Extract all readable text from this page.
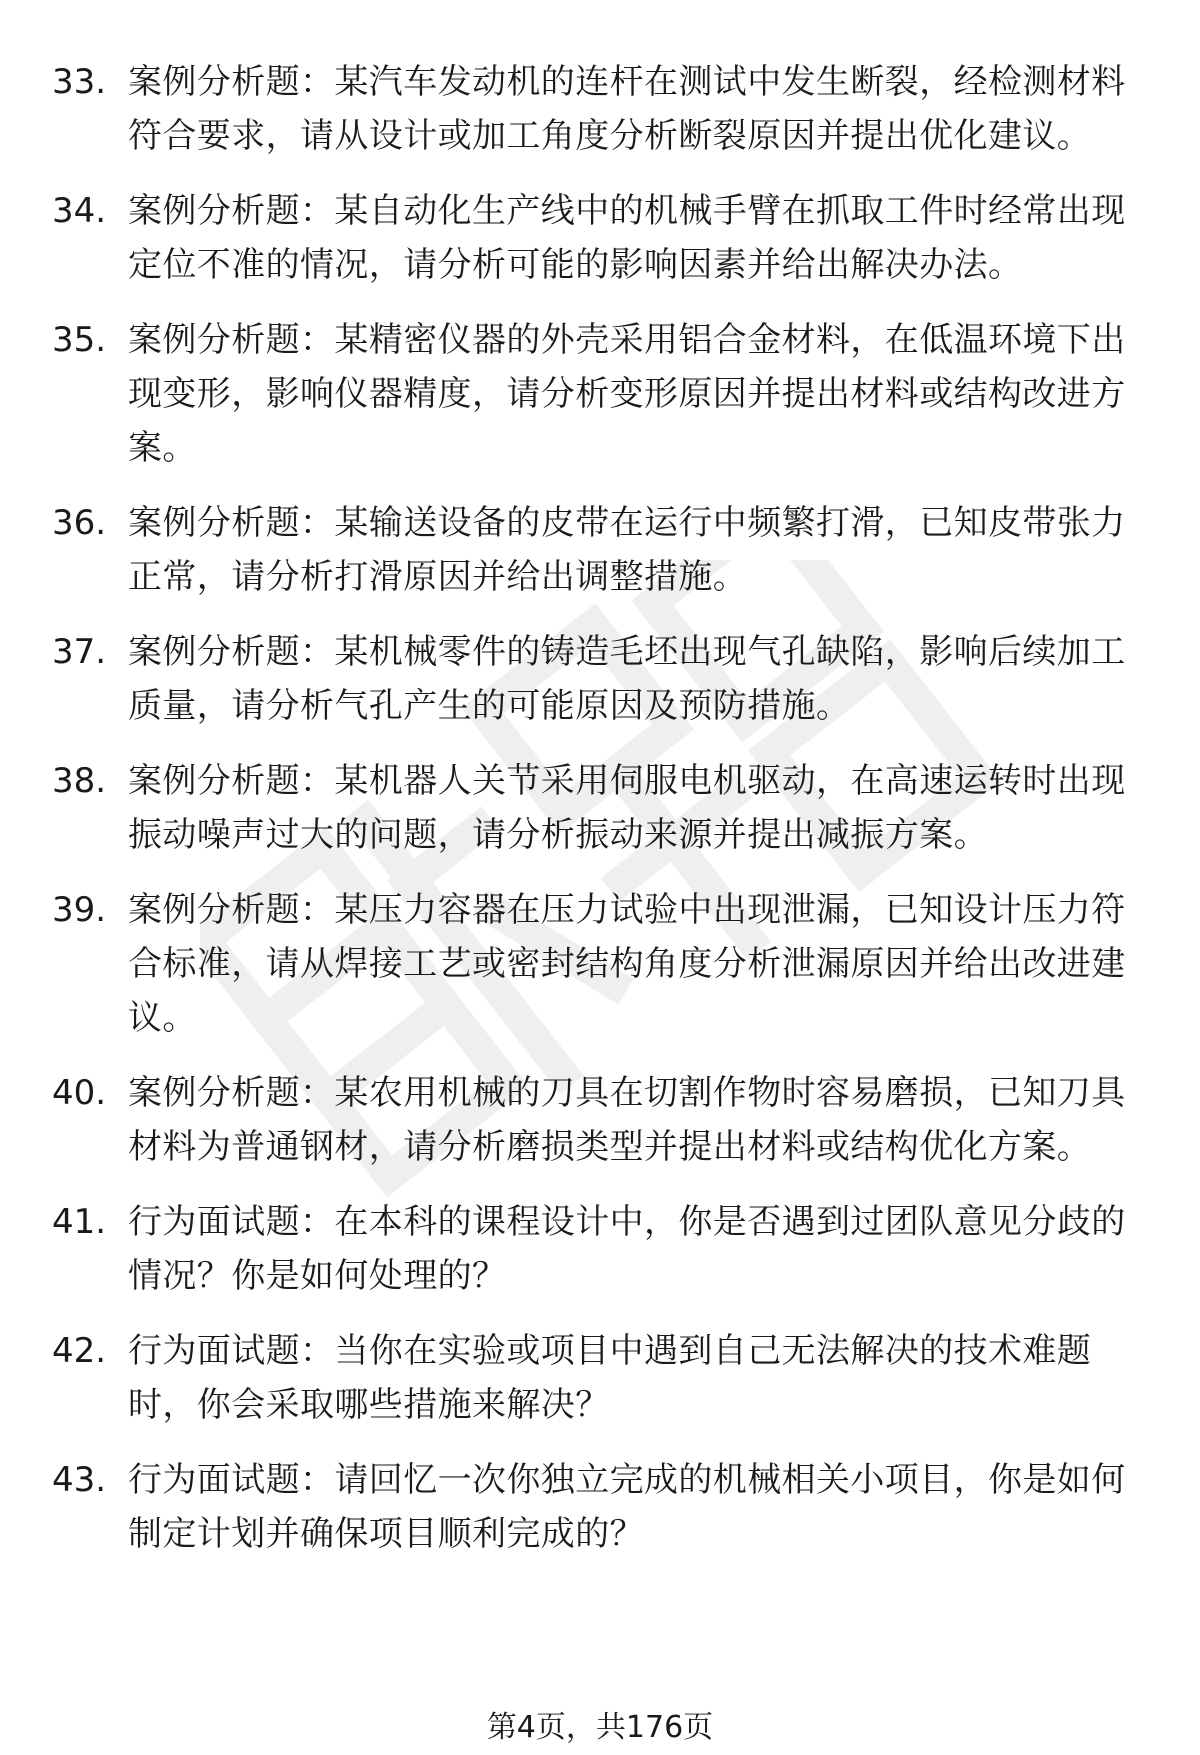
33. 案例分析题：某汽车发动机的连杆在测试中发生断裂，经检测材料符合要求，请从设计或加工角度分析断裂原因并提出优化建议。
34. 案例分析题：某自动化生产线中的机械手臂在抓取工件时经常出现定位不准的情况，请分析可能的影响因素并给出解决办法。
35. 案例分析题：某精密仪器的外壳采用铝合金材料，在低温环境下出现变形，影响仪器精度，请分析变形原因并提出材料或结构改进方案。
36. 案例分析题：某输送设备的皮带在运行中频繁打滑，已知皮带张力正常，请分析打滑原因并给出调整措施。
37. 案例分析题：某机械零件的铸造毛坯出现气孔缺陷，影响后续加工质量，请分析气孔产生的可能原因及预防措施。
38. 案例分析题：某机器人关节采用伺服电机驱动，在高速运转时出现振动噪声过大的问题，请分析振动来源并提出减振方案。
39. 案例分析题：某压力容器在压力试验中出现泄漏，已知设计压力符合标准，请从焊接工艺或密封结构角度分析泄漏原因并给出改进建议。
40. 案例分析题：某农用机械的刀具在切割作物时容易磨损，已知刀具材料为普通钢材，请分析磨损类型并提出材料或结构优化方案。
41. 行为面试题：在本科的课程设计中，你是否遇到过团队意见分歧的情况？你是如何处理的？
42. 行为面试题：当你在实验或项目中遇到自己无法解决的技术难题时，你会采取哪些措施来解决？
43. 行为面试题：请回忆一次你独立完成的机械相关小项目，你是如何制定计划并确保项目顺利完成的？
第4页，共176页
